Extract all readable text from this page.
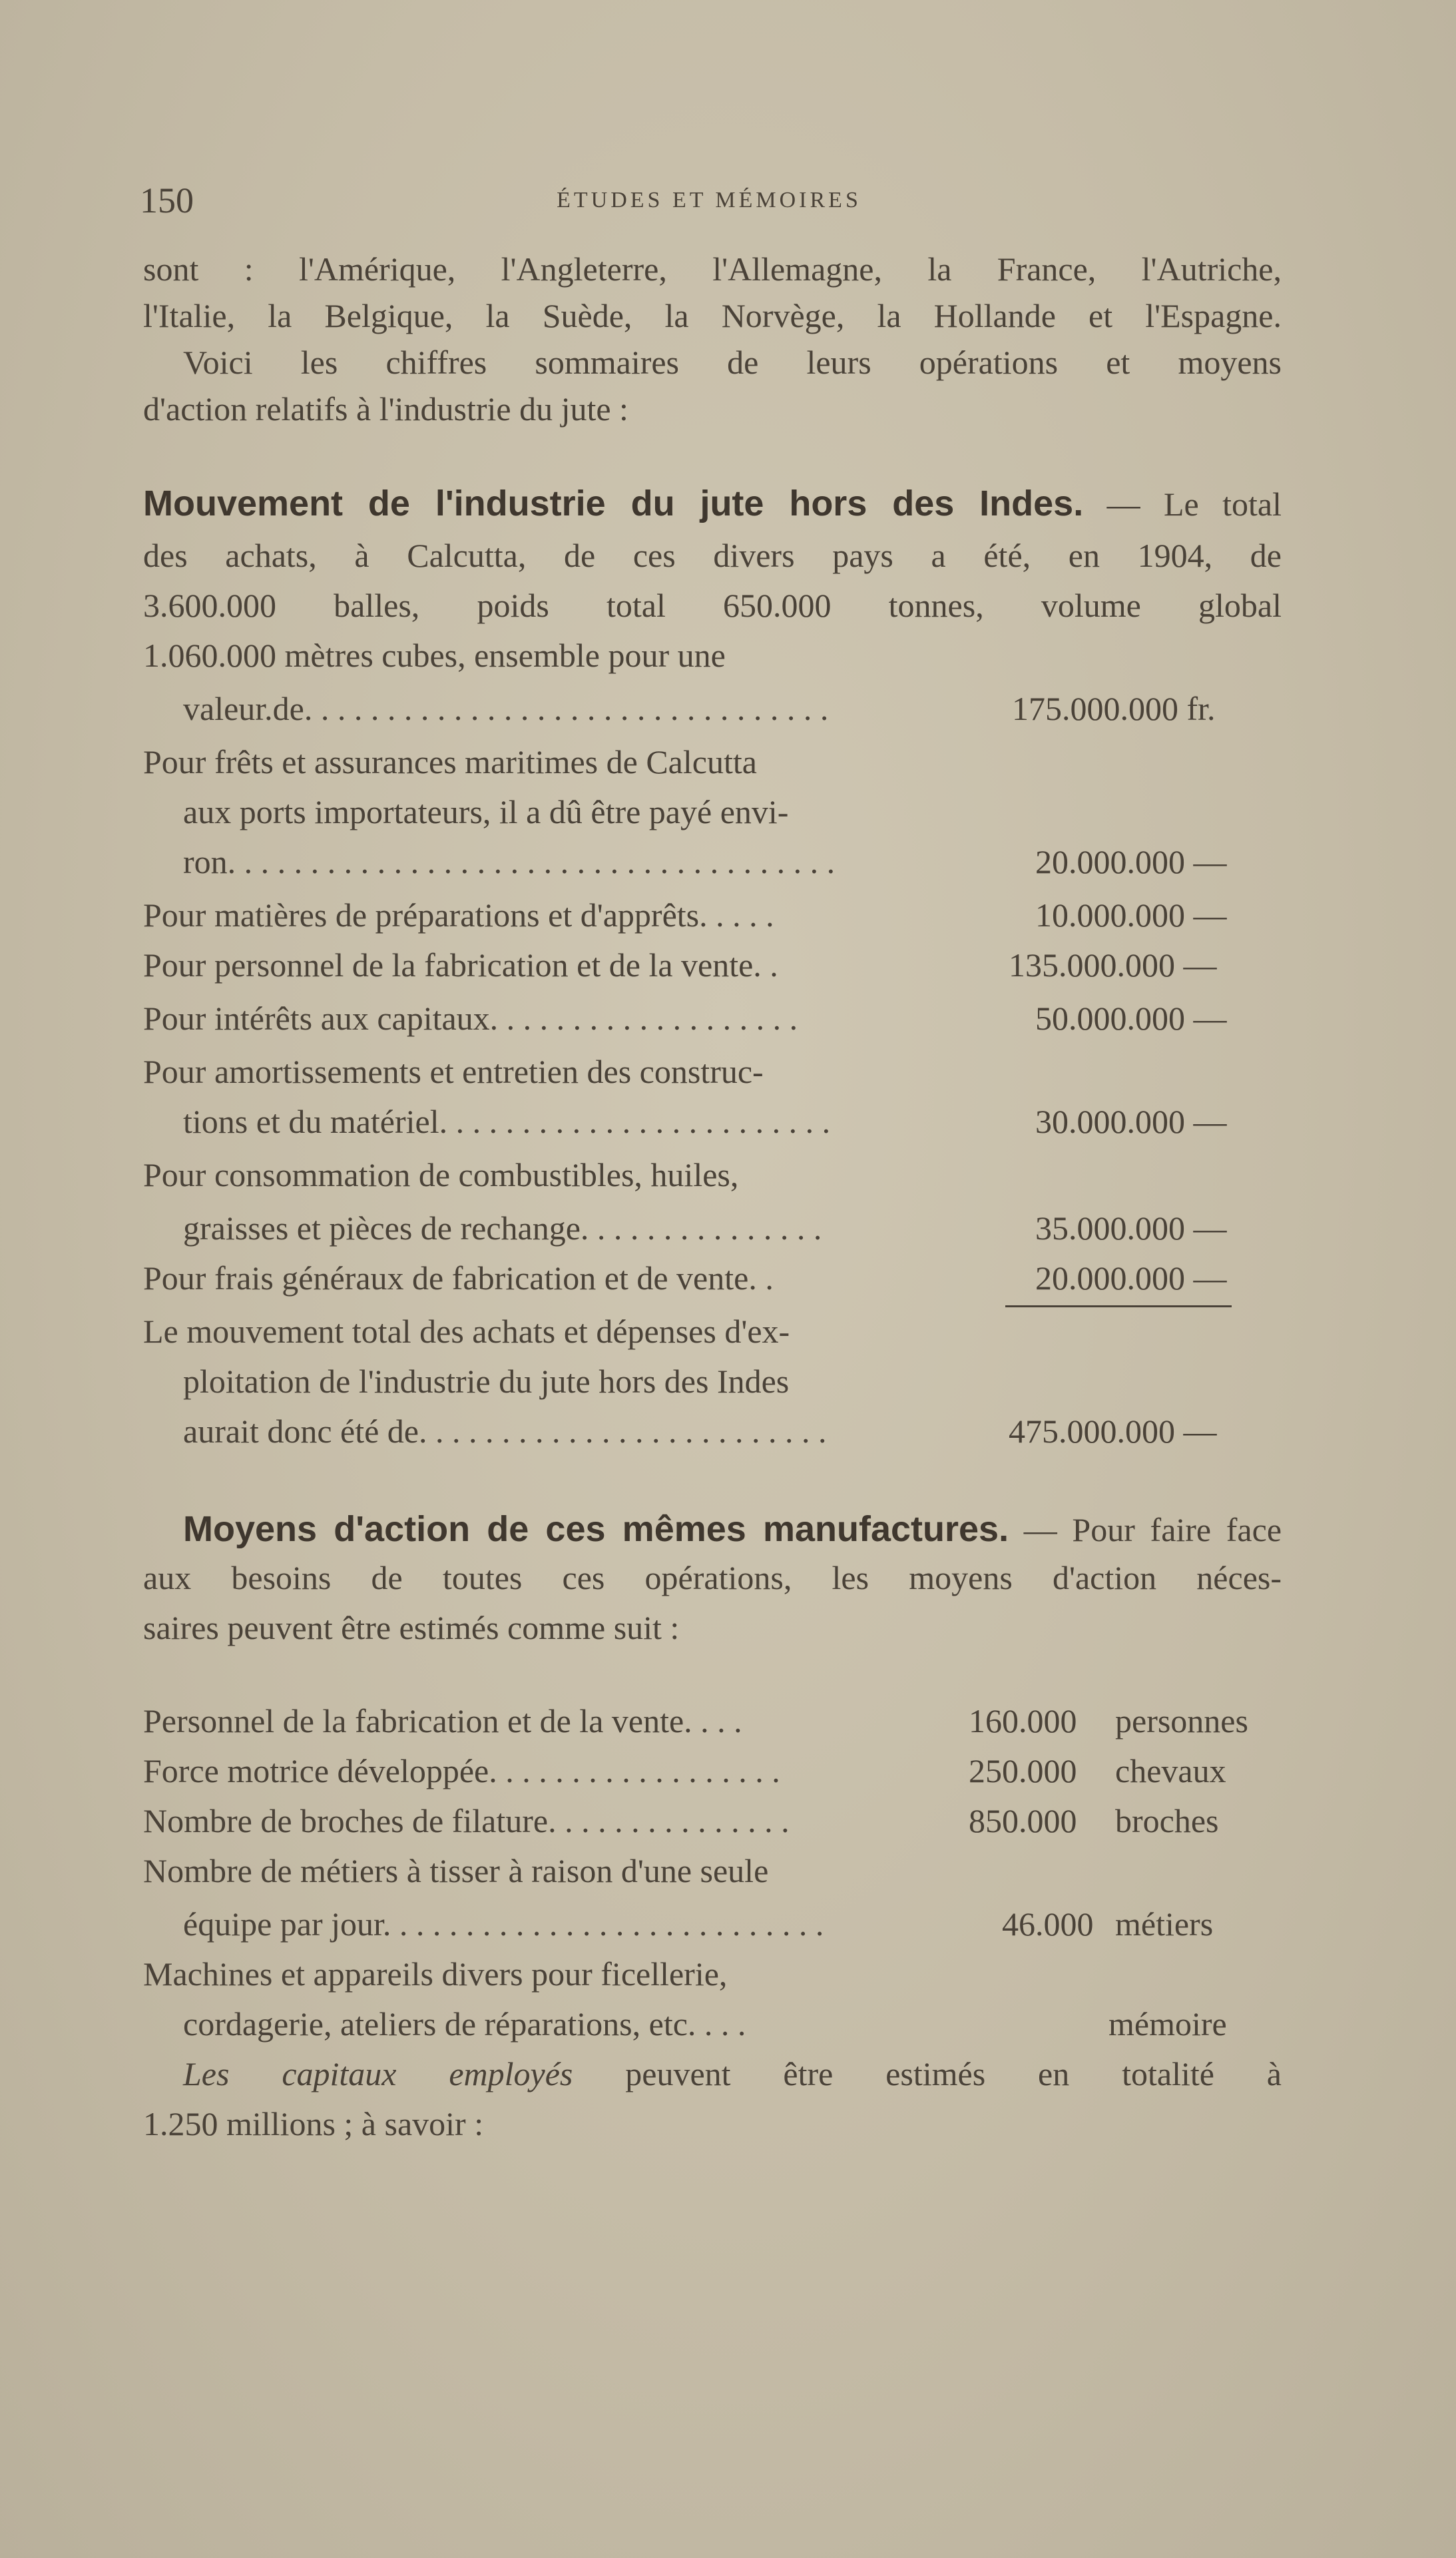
150	ÉTUDES ET MÉMOIRES
sont : l'Amérique, l'Angleterre, l'Allemagne, la France, l'Autriche,
l'Italie, la Belgique, la Suède, la Norvège, la Hollande et l'Espagne.
Voici les chiffres sommaires de leurs opérations et moyens
d'action relatifs à l'industrie du jute :
Mouvement de l'industrie du jute hors des Indes. — Le total
des achats, à Calcutta, de ces divers pays a été, en 1904, de
3.600.000 balles, poids total 650.000 tonnes, volume global
1.060.000 mètres cubes, ensemble pour une
valeur.de. . . . . . . . . . . . . . . . . . . . . . . . . . . . . . . .	175.000.000 fr.
Pour frêts et assurances maritimes de Calcutta
aux ports importateurs, il a dû être payé envi-
ron. . . . . . . . . . . . . . . . . . . . . . . . . . . . . . . . . . . . .	20.000.000 —
Pour matières de préparations et d'apprêts. . . . .	10.000.000 —
Pour personnel de la fabrication et de la vente. .	135.000.000 —
Pour intérêts aux capitaux. . . . . . . . . . . . . . . . . . .	50.000.000 —
Pour amortissements et entretien des construc-
tions et du matériel. . . . . . . . . . . . . . . . . . . . . . . .	30.000.000 —
Pour consommation de combustibles, huiles,
graisses et pièces de rechange. . . . . . . . . . . . . . .	35.000.000 —
Pour frais généraux de fabrication et de vente. .	20.000.000 —
Le mouvement total des achats et dépenses d'ex-
ploitation de l'industrie du jute hors des Indes
aurait donc été de. . . . . . . . . . . . . . . . . . . . . . . . .	475.000.000 —
Moyens d'action de ces mêmes manufactures. — Pour faire face
aux besoins de toutes ces opérations, les moyens d'action néces-
saires peuvent être estimés comme suit :
Personnel de la fabrication et de la vente. . . .	160.000 personnes
Force motrice développée. . . . . . . . . . . . . . . . . .	250.000 chevaux
Nombre de broches de filature. . . . . . . . . . . . . . .	850.000 broches
Nombre de métiers à tisser à raison d'une seule
équipe par jour. . . . . . . . . . . . . . . . . . . . . . . . . . .	46.000 métiers
Machines et appareils divers pour ficellerie,
cordagerie, ateliers de réparations, etc. . . .	mémoire
Les capitaux employés peuvent être estimés en totalité à
1.250 millions ; à savoir :
